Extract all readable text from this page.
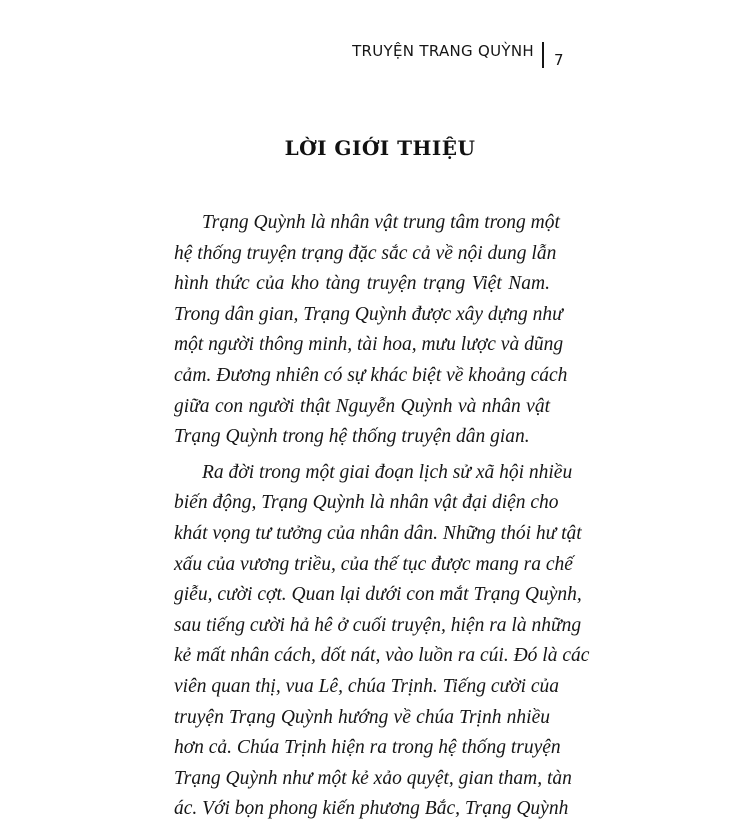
TRUYỆN TRANG QUỲNH 7
LỜI GIỚI THIỆU

Trạng Quỳnh là nhân vật trung tâm trong một
hệ thống truyện trạng đặc sắc cả về nội dung lẫn
hình thức của kho tàng truyện trạng Việt Nam.
Trong dân gian, Trạng Quỳnh được xây dựng như
một người thông minh, tài hoa, mưu lược và dũng
cảm. Đương nhiên có sự khác biệt về khoảng cách
giữa con người thật Nguyễn Quỳnh và nhân vật
Trạng Quỳnh trong hệ thống truyện dân gian.

Ra đời trong một giai đoạn lịch sử xã hội nhiều
biến động, Trạng Quỳnh là nhân vật đại diện cho
khát vọng tư tưởng của nhân dân. Những thói hư tật
xấu của vương triều, của thế tục được mang ra chế
giễu, cười cợt. Quan lại dưới con mắt Trạng Quỳnh,
sau tiếng cười hả hê ở cuối truyện, hiện ra là những
kẻ mất nhân cách, dốt nát, vào luồn ra cúi. Đó là các
viên quan thị, vua Lê, chúa Trịnh. Tiếng cười của
truyện Trạng Quỳnh hướng về chúa Trịnh nhiều
hơn cả. Chúa Trịnh hiện ra trong hệ thống truyện
Trạng Quỳnh như một kẻ xảo quyệt, gian tham, tàn
ác. Với bọn phong kiến phương Bắc, Trạng Quỳnh
